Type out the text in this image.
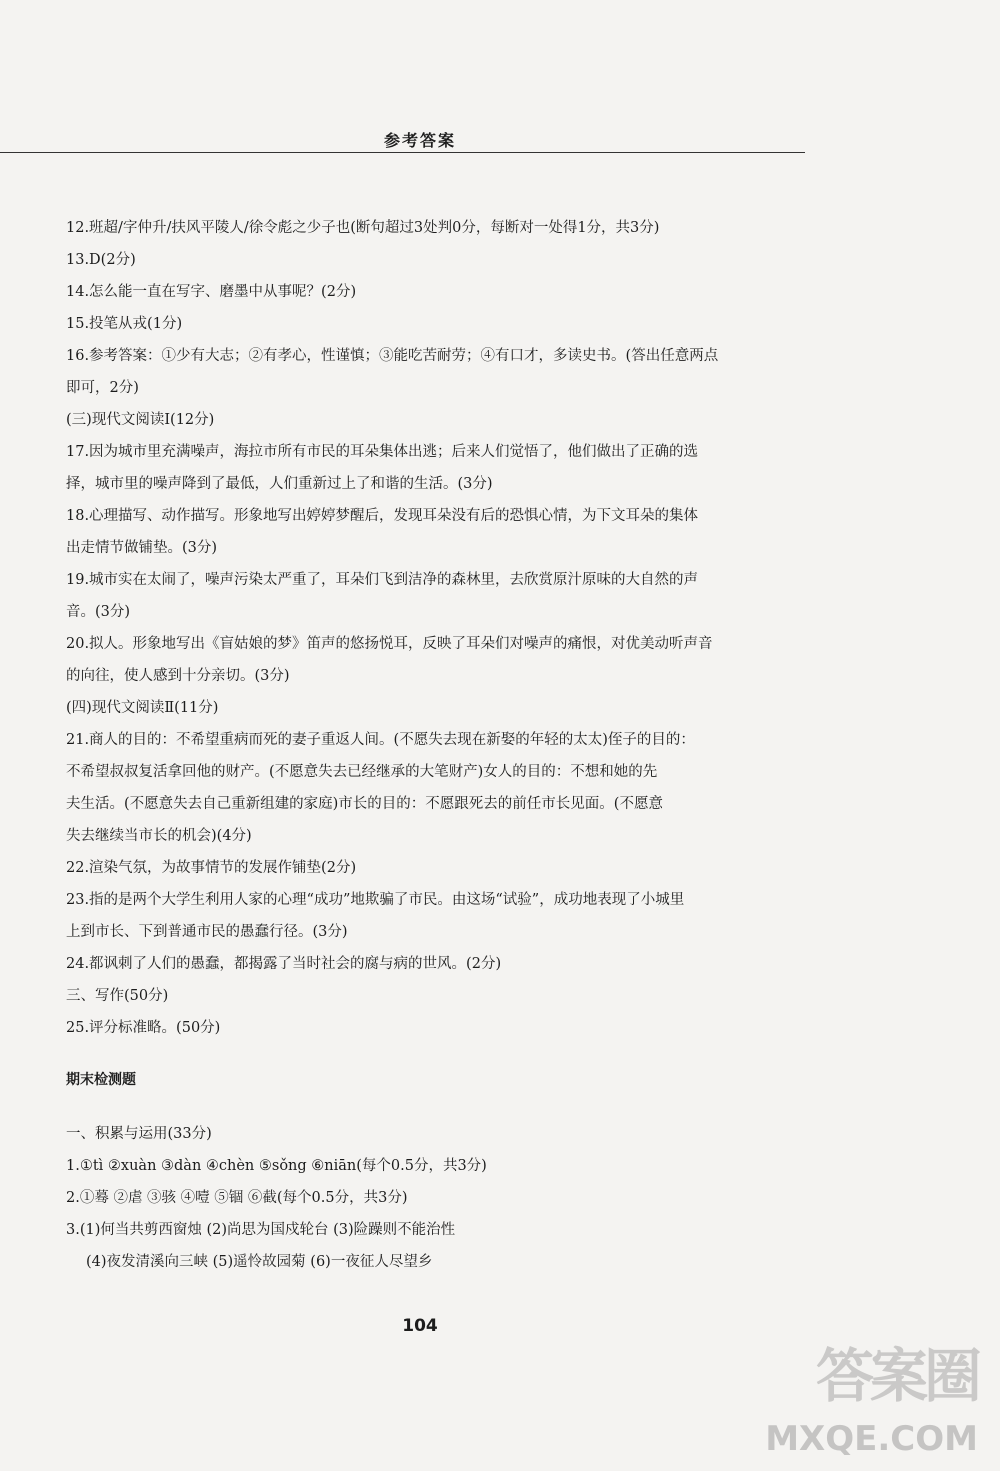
参考答案
12.班超/字仲升/扶风平陵人/徐令彪之少子也(断句超过3处判0分，每断对一处得1分，共3分)
13.D(2分)
14.怎么能一直在写字、磨墨中从事呢？(2分)
15.投笔从戎(1分)
16.参考答案：①少有大志；②有孝心，性谨慎；③能吃苦耐劳；④有口才，多读史书。(答出任意两点
即可，2分)
(三)现代文阅读Ⅰ(12分)
17.因为城市里充满噪声，海拉市所有市民的耳朵集体出逃；后来人们觉悟了，他们做出了正确的选
择，城市里的噪声降到了最低，人们重新过上了和谐的生活。(3分)
18.心理描写、动作描写。形象地写出婷婷梦醒后，发现耳朵没有后的恐惧心情，为下文耳朵的集体
出走情节做铺垫。(3分)
19.城市实在太闹了，噪声污染太严重了，耳朵们飞到洁净的森林里，去欣赏原汁原味的大自然的声
音。(3分)
20.拟人。形象地写出《盲姑娘的梦》笛声的悠扬悦耳，反映了耳朵们对噪声的痛恨，对优美动听声音
的向往，使人感到十分亲切。(3分)
(四)现代文阅读Ⅱ(11分)
21.商人的目的：不希望重病而死的妻子重返人间。(不愿失去现在新娶的年轻的太太)侄子的目的：
不希望叔叔复活拿回他的财产。(不愿意失去已经继承的大笔财产)女人的目的：不想和她的先
夫生活。(不愿意失去自己重新组建的家庭)市长的目的：不愿跟死去的前任市长见面。(不愿意
失去继续当市长的机会)(4分)
22.渲染气氛，为故事情节的发展作铺垫(2分)
23.指的是两个大学生利用人家的心理“成功”地欺骗了市民。由这场“试验”，成功地表现了小城里
上到市长、下到普通市民的愚蠢行径。(3分)
24.都讽刺了人们的愚蠢，都揭露了当时社会的腐与病的世风。(2分)
三、写作(50分)
25.评分标准略。(50分)
期末检测题
一、积累与运用(33分)
1.①tì ②xuàn ③dàn ④chèn ⑤sǒng ⑥niān(每个0.5分，共3分)
2.①蓦 ②虐 ③骇 ④噎 ⑤锢 ⑥截(每个0.5分，共3分)
3.(1)何当共剪西窗烛 (2)尚思为国戍轮台 (3)险躁则不能治性
(4)夜发清溪向三峡 (5)遥怜故园菊 (6)一夜征人尽望乡
104
答案圈
MXQE.COM
